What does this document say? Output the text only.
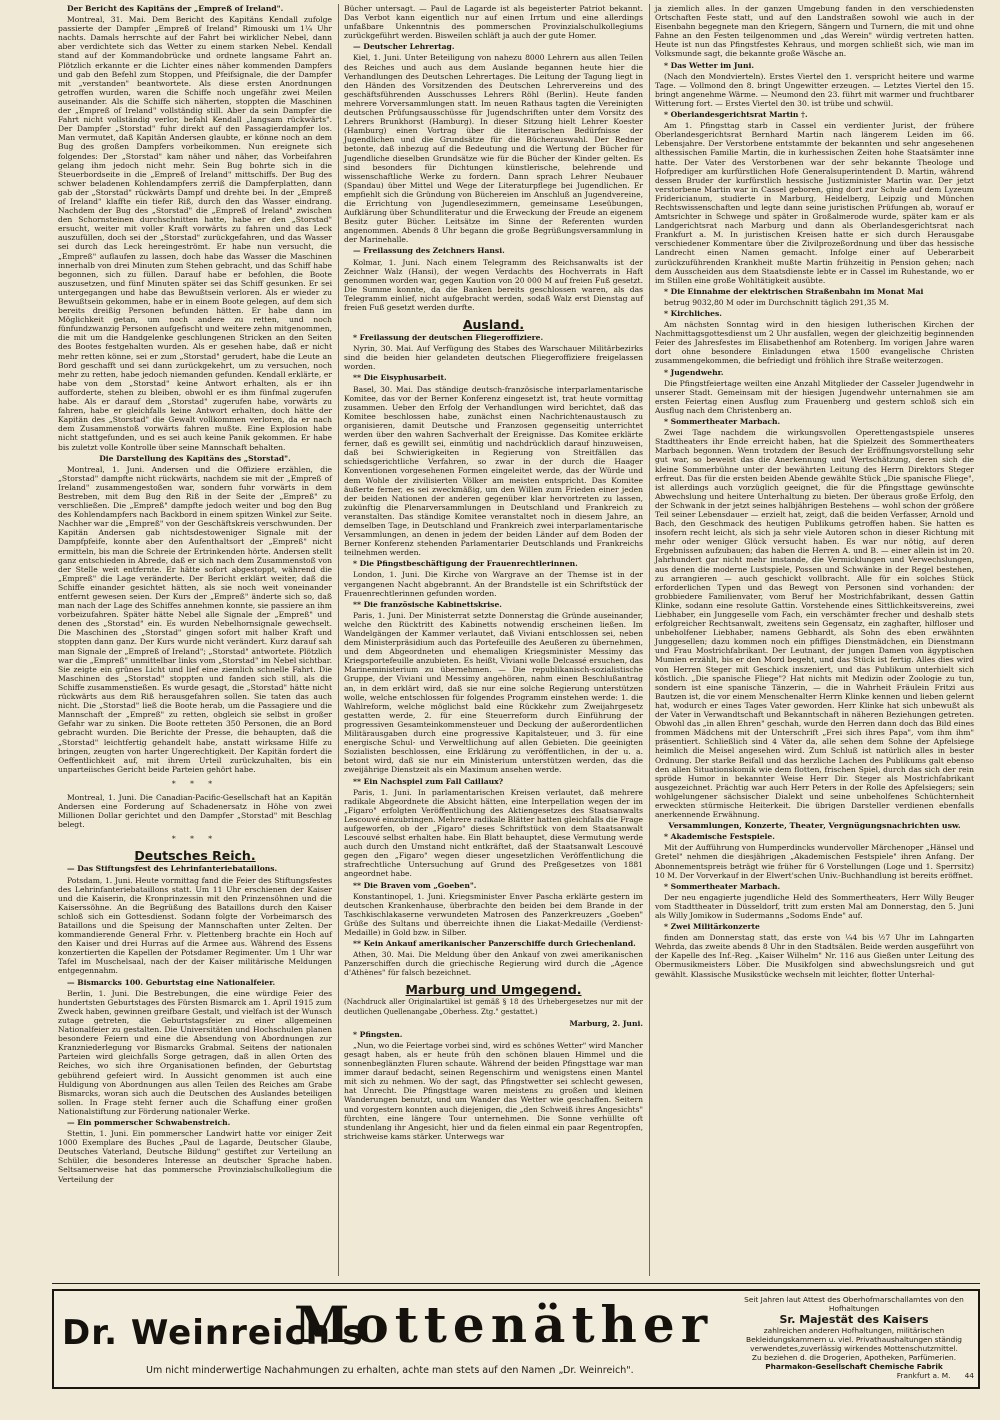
Der Bericht des Kapitäns der „Empreß of Ireland".

Montreal, 31. Mai. Dem Bericht des Kapitäns Kendall zufolge passierte der Dampfer „Empreß of Ireland" Rimouski um 1¼ Uhr nachts. Damals herrschte auf der Fahrt bei wirklicher Nebel, dann aber verdichtete sich das Wetter zu einem starken Nebel. Kendall stand auf der Kommandobrücke und ordnete langsame Fahrt an. Plötzlich erkannte er die Lichter eines näher kommenden Dampfers und gab den Befehl zum Stoppen, und Pfeifsignale, die der Dampfer mit „verstanden" beantwortete. Als diese ersten Anordnungen getroffen wurden, waren die Schiffe noch ungefähr zwei Meilen auseinander. Als die Schiffe sich näherten, stoppten die Maschinen der „Empreß of Ireland" vollständig still. Aber da sein Dampfer die Fahrt nicht vollständig verlor, befahl Kendall „langsam rückwärts". Der Dampfer „Storstad" fuhr direkt auf den Passagierdampfer los. Man vermutet, daß Kapitän Andersen glaubte, er könne noch an dem Bug des großen Dampfers vorbeikommen. Nun ereignete sich folgendes: Der „Storstad" kam näher und näher, das Vorbeifahren gelang ihm jedoch nicht mehr. Sein Bug bohrte sich in die Steuerbordseite in die „Empreß of Ireland" mittschiffs. Der Bug des schwer beladenen Kohlendampfers zerriß die Dampferplatten, dann gab der „Storstad" rückwärts Dampf und drehte bei. In der „Empreß of Ireland" klaffte ein tiefer Riß, durch den das Wasser eindrang. Nachdem der Bug des „Storstad" die „Empreß of Ireland" zwischen den Schornsteinen durchschnitten hatte, habe er den „Storstad" ersucht, weiter mit voller Kraft vorwärts zu fahren und das Leck auszufüllen, doch sei der „Storstad" zurückgefahren, und das Wasser sei durch das Leck hereingeströmt. Er habe nun versucht, die „Empreß" auflaufen zu lassen, doch habe das Wasser die Maschinen innerhalb von drei Minuten zum Stehen gebracht, und das Schiff habe begonnen, sich zu füllen. Darauf habe er befohlen, die Boote auszusetzen, und fünf Minuten später sei das Schiff gesunken. Er sei untergegangen und habe das Bewußtsein verloren. Als er wieder zu Bewußtsein gekommen, habe er in einem Boote gelegen, auf dem sich bereits dreißig Personen befunden hätten. Er habe dann im Möglichkeit getan, um noch andere zu retten, und noch fünfundzwanzig Personen aufgefischt und weitere zehn mitgenommen, die mit um die Handgelenke geschlungenen Stricken an den Seiten des Bootes festgehalten wurden. Als er gesehen habe, daß er nicht mehr retten könne, sei er zum „Storstad" gerudert, habe die Leute an Bord geschafft und sei dann zurückgekehrt, um zu versuchen, noch mehr zu retten, habe jedoch niemanden gefunden. Kendall erklärte, er habe von dem „Storstad" keine Antwort erhalten, als er ihn aufforderte, stehen zu bleiben, obwohl er es ihm fünfmal zugerufen habe. Als er darauf dem „Storstad" zugerufen habe, vorwärts zu fahren, habe er gleichfalls keine Antwort erhalten, doch hätte der Kapitän des „Storstad" die Gewalt vollkommen verloren, da er nach dem Zusammenstoß vorwärts fahren mußte. Eine Explosion habe nicht stattgefunden, und es sei auch keine Panik gekommen. Er habe bis zuletzt volle Kontrolle über seine Mannschaft behalten.

Die Darstellung des Kapitäns des „Storstad".

Montreal, 1. Juni. Andersen und die Offiziere erzählen, die „Storstad" dampfte nicht rückwärts, nachdem sie mit der „Empreß of Ireland" zusammengestoßen war, sondern fuhr vorwärts in dem Bestreben, mit dem Bug den Riß in der Seite der „Empreß" zu verschließen. Die „Empreß" dampfte jedoch weiter und bog den Bug des Kohlendampfers nach Backbord in einem spitzen Winkel zur Seite. Nachher war die „Empreß" von der Geschäftskreis verschwunden. Der Kapitän Andersen gab nichtsdestoweniger Signale mit der Dampfpfeife, konnte aber den Aufenthaltsort der „Empreß" nicht ermitteln, bis man die Schreie der Ertrinkenden hörte. Andersen stellt ganz entschieden in Abrede, daß er sich nach dem Zusammenstoß von der Stelle weit entfernte. Er hätte sofort abgestoppt, während die „Empreß" die Lage veränderte. Der Bericht erklärt weiter, daß die Schiffe einander gesichtet hätten, als sie noch weit voneinander entfernt gewesen seien. Der Kurs der „Empreß" änderte sich so, daß man nach der Lage des Schiffes annehmen konnte, sie passiere an ihm vorbeizufahren. Später hätte Nebel alle Signale der „Empreß" und denen des „Storstad" ein. Es wurden Nebelhornsignale gewechselt. Die Maschinen des „Storstad" gingen sofort mit halber Kraft und stoppten dann ganz. Der Kurs wurde nicht verändert. Kurz darauf sah man Signale der „Empreß of Ireland"; „Storstad" antwortete. Plötzlich war die „Empreß" unmittelbar links vom „Storstad" im Nebel sichtbar. Sie zeigte ein grünes Licht und lief eine ziemlich schnelle Fahrt. Die Maschinen des „Storstad" stoppten und fanden sich still, als die Schiffe zusammenstießen. Es wurde gesagt, die „Storstad" hätte nicht rückwärts aus dem Riß herausgefahren sollen. Sie taten das auch nicht. Die „Storstad" ließ die Boote herab, um die Passagiere und die Mannschaft der „Empreß" zu retten, obgleich sie selbst in großer Gefahr war zu sinken. Die Boote retteten 350 Personen, die an Bord gebracht wurden. Die Berichte der Presse, die behaupten, daß die „Storstad" leichtfertig gehandelt habe, anstatt wirksame Hilfe zu bringen, zeugten von harter Ungerechtigkeit. Der Kapitän fordert die Oeffentlichkeit auf, mit ihrem Urteil zurückzuhalten, bis ein unparteiisches Gericht beide Parteien gehört habe.

* * *

Montreal, 1. Juni. Die Canadian-Pacific-Gesellschaft hat an Kapitän Andersen eine Forderung auf Schadenersatz in Höhe von zwei Millionen Dollar gerichtet und den Dampfer „Storstad" mit Beschlag belegt.

* * *

Deutsches Reich.

— Das Stiftungsfest des Lehrinfanteriebataillons.

Potsdam, 1. Juni. Heute vormittag fand die Feier des Stiftungsfestes des Lehrinfanteriebataillons statt. Um 11 Uhr erschienen der Kaiser und die Kaiserin, die Kronprinzessin mit den Prinzensöhnen und die Kaiserssöhne. An die Begrüßung des Bataillons durch den Kaiser schloß sich ein Gottesdienst. Sodann folgte der Vorbeimarsch des Bataillons und die Speisung der Mannschaften unter Zelten. Der kommandierende General Frhr. v. Plettenberg brachte ein Hoch auf den Kaiser und drei Hurras auf die Armee aus. Während des Essens konzertierten die Kapellen der Potsdamer Regimenter. Um 1 Uhr war Tafel im Muschelsaal, nach der der Kaiser militärische Meldungen entgegennahm.

— Bismarcks 100. Geburtstag eine Nationalfeier.

Berlin, 1. Juni. Die Bestrebungen, die eine würdige Feier des hundertsten Geburtstages des Fürsten Bismarck am 1. April 1915 zum Zweck haben, gewinnen greifbare Gestalt, und vielfach ist der Wunsch zutage getreten, die Geburtstagsfeier zu einer allgemeinen Nationalfeier zu gestalten. Die Universitäten und Hochschulen planen besondere Feiern und eine die Absendung von Abordnungen zur Kranzniederlegung vor Bismarcks Grabmal. Seitens der nationalen Parteien wird gleichfalls Sorge getragen, daß in allen Orten des Reiches, wo sich ihre Organisationen befinden, der Geburtstag gebührend gefeiert wird. In Aussicht genommen ist auch eine Huldigung von Abordnungen aus allen Teilen des Reiches am Grabe Bismarcks, woran sich auch die Deutschen des Auslandes beteiligen sollen. In Frage steht ferner auch die Schaffung einer großen Nationalstiftung zur Förderung nationaler Werke.

— Ein pommerscher Schwabenstreich.

Stettin, 1. Juni. Ein pommerscher Landwirt hatte vor einiger Zeit 1000 Exemplare des Buches „Paul de Lagarde, Deutscher Glaube, Deutsches Vaterland, Deutsche Bildung" gestiftet zur Verteilung an Schüler, die besonderes Interesse an deutscher Sprache haben. Seltsamerweise hat das pommersche Provinzialschulkollegium die Verteilung der

Bücher untersagt. — Paul de Lagarde ist als begeisterter Patriot bekannt. Das Verbot kann eigentlich nur auf einen Irrtum und eine allerdings unfaßbare Unkenntnis des pommerschen Provinzialschulkollegiums zurückgeführt werden. Bisweilen schläft ja auch der gute Homer.

— Deutscher Lehrertag.

Kiel, 1. Juni. Unter Beteiligung von nahezu 8000 Lehrern aus allen Teilen des Reiches und auch aus dem Auslande begannen heute hier die Verhandlungen des Deutschen Lehrertages. Die Leitung der Tagung liegt in den Händen des Vorsitzenden des Deutschen Lehrervereins und des geschäftsführenden Ausschusses Lehrers Röhl (Berlin). Heute fanden mehrere Vorversammlungen statt. Im neuen Rathaus tagten die Vereinigten deutschen Prüfungsausschüsse für Jugendschriften unter dem Vorsitz des Lehrers Brunkhorst (Hamburg). In dieser Sitzung hielt Lehrer Koester (Hamburg) einen Vortrag über die literarischen Bedürfnisse der Jugendlichen und die Grundsätze für die Bücherauswahl. Der Redner betonte, daß inbezug auf die Bedeutung und die Wertung der Bücher für Jugendliche dieselben Grundsätze wie für die Bücher der Kinder gelten. Es sind besonders für Dichtungen künstlerische, belehrende und wissenschaftliche Werke zu fordern. Dann sprach Lehrer Neubauer (Spandau) über Mittel und Wege der Literaturpflege bei Jugendlichen. Er empfiehlt sich die Gründung von Büchereien im Anschluß an Jugendvereine, die Errichtung von Jugendlesezimmern, gemeinsame Leseübungen, Aufklärung über Schundliteratur und die Erweckung der Freude an eigenem Besitz guter Bücher. Leitsätze im Sinne der Referenten wurden angenommen. Abends 8 Uhr begann die große Begrüßungsversammlung in der Marinehalle.

— Freilassung des Zeichners Hansi.

Kolmar, 1. Juni. Nach einem Telegramm des Reichsanwalts ist der Zeichner Walz (Hansi), der wegen Verdachts des Hochverrats in Haft genommen worden war, gegen Kaution von 20 000 M auf freien Fuß gesetzt. Die Summe konnte, da die Banken bereits geschlossen waren, als das Telegramm einlief, nicht aufgebracht werden, sodaß Walz erst Dienstag auf freien Fuß gesetzt werden durfte.

Ausland.

* Freilassung der deutschen Fliegeroffiziere.

Nyrin, 30. Mai. Auf Verfügung des Stabes des Warschauer Militärbezirks sind die beiden hier gelandeten deutschen Fliegeroffiziere freigelassen worden.

** Die Eisyphusarbeit.

Basel, 30. Mai. Das ständige deutsch-französische interparlamentarische Komitee, das vor der Berner Konferenz eingesetzt ist, trat heute vormittag zusammen. Ueber den Erfolg der Verhandlungen wird berichtet, daß das Komitee beschlossen habe, zunächst einen Nachrichtenaustausch zu organisieren, damit Deutsche und Franzosen gegenseitig unterrichtet werden über den wahren Sachverhalt der Ereignisse. Das Komitee erklärte ferner, daß es gewillt sei, einmütig und nachdrücklich darauf hinzuweisen, daß bei Schwierigkeiten in Regierung von Streitfällen das schiedsgerichtliche Verfahren, so zwar in der durch die Haager Konventionen vorgesehenen Formen eingeleitet werde, das der Würde und dem Wohle der zivilisierten Völker am meisten entspricht. Das Komitee äußerte ferner, es sei zweckmäßig, um den Willen zum Frieden einer jeden der beiden Nationen der anderen gegenüber klar hervortreten zu lassen, zukünftig die Plenarversammlungen in Deutschland und Frankreich zu veranstalten. Das ständige Komitee veranstaltet noch in diesem Jahre, an demselben Tage, in Deutschland und Frankreich zwei interparlamentarische Versammlungen, an denen in jedem der beiden Länder auf dem Boden der Berner Konferenz stehenden Parlamentarier Deutschlands und Frankreichs teilnehmen werden.

* Die Pfingstbeschäftigung der Frauenrechtlerinnen.

London, 1. Juni. Die Kirche von Wargrave an der Themse ist in der vergangenen Nacht abgebrannt. An der Brandstelle ist ein Schriftstück der Frauenrechtlerinnen gefunden worden.

** Die französische Kabinettskrise.

Paris, 1. Juni. Der Ministerrat setzte Donnerstag die Gründe auseinander, welche den Rücktritt des Kabinetts notwendig erscheinen ließen. Im Wandelgängen der Kammer verlautet, daß Viviani entschlossen sei, neben dem Ministerpräsidium auch das Portefeuille des Aeußeren zu übernehmen, und dem Abgeordneten und ehemaligen Kriegsminister Messimy das Kriegsportefeuille anzubieten. Es heißt, Viviani wolle Delcassé ersuchen, das Marineministerium zu übernehmen. — Die republikanisch-sozialistische Gruppe, der Viviani und Messimy angehören, nahm einen Beschlußantrag an, in dem erklärt wird, daß sie nur eine solche Regierung unterstützen wolle, welche entschlossen für folgendes Programm einstehen werde: 1. die Wahlreform, welche möglichst bald eine Rückkehr zum Zweijahrgesetz gestatten werde, 2. für eine Steuerreform durch Einführung der progressiven Gesamteinkommensteuer und Deckung der außerordentlichen Militärausgaben durch eine progressive Kapitalsteuer, und 3. für eine energische Schul- und Verweltlichung auf allen Gebieten. Die geeinigten Sozialisten beschlossen, eine Erklärung zu veröffentlichen, in der u. a. betont wird, daß sie nur ein Ministerium unterstützen werden, das die zweijährige Dienstzeit als ein Maximum ansehen werde.

** Ein Nachspiel zum Fall Caillaux?

Paris, 1. Juni. In parlamentarischen Kreisen verlautet, daß mehrere radikale Abgeordnete die Absicht hätten, eine Interpellation wegen der im „Figaro" erfolgten Veröffentlichung des Aktiengesetzes des Staatsanwalts Lescouvé einzubringen. Mehrere radikale Blätter hatten gleichfalls die Frage aufgeworfen, ob der „Figaro" dieses Schriftstück von dem Staatsanwalt Lescouvé selbst erhalten habe. Ein Blatt behauptet, diese Vermutung werde auch durch den Umstand nicht entkräftet, daß der Staatsanwalt Lescouvé gegen den „Figaro" wegen dieser ungesetzlichen Veröffentlichung die strafrechtliche Untersuchung auf Grund des Preßgesetzes von 1881 angeordnet habe.

** Die Braven vom „Goeben".

Konstantinopel, 1. Juni. Kriegsminister Enver Pascha erklärte gestern im deutschen Krankenhause, überbrachte den beiden bei dem Brande in der Taschkischlakaserne verwundeten Matrosen des Panzerkreuzers „Goeben" Grüße des Sultans und überreichte ihnen die Liakat-Medaille (Verdienst-Medaille) in Gold bzw. in Silber.

** Kein Ankauf amerikanischer Panzerschiffe durch Griechenland.

Athen, 30. Mai. Die Meldung über den Ankauf von zwei amerikanischen Panzerschiffen durch die griechische Regierung wird durch die „Agence d'Athènes" für falsch bezeichnet.

Marburg und Umgegend.

(Nachdruck aller Originalartikel ist gemäß § 18 des Urhebergesetzes nur mit der deutlichen Quellenangabe „Oberhess. Ztg." gestattet.)

Marburg, 2. Juni.

* Pfingsten.

„Nun, wo die Feiertage vorbei sind, wird es schönes Wetter" wird Mancher gesagt haben, als er heute früh den schönen blauen Himmel und die sonnenbeglänzten Fluren schaute. Während der beiden Pfingsttage war man immer darauf bedacht, seinen Regenschirm und wenigstens einen Mantel mit sich zu nehmen. Wo der sagt, das Pfingstwetter sei schlecht gewesen, hat Unrecht. Die Pfingsttage waren meistens zu großen und kleinen Wanderungen benutzt, und um Wander das Wetter wie geschaffen. Seitern und vorgestern konnten auch diejenigen, die „den Schweiß ihres Angesichts" fürchten, eine längere Tour unternehmen. Die Sonne verhüllte oft stundenlang ihr Angesicht, hier und da fielen einmal ein paar Regentropfen, strichweise kams stärker. Unterwegs war

ja ziemlich alles. In der ganzen Umgebung fanden in den verschiedensten Ortschaften Feste statt, und auf den Landstraßen sowohl wie auch in der Eisenbahn begegnete man den Kriegern, Sängern und Turnern, die mit und ohne Fahne an den Festen teilgenommen und „das Werein" würdig vertreten hatten. Heute ist nun das Pfingstfestes Kehraus, und morgen schließt sich, wie man im Volksmunde sagt, die bekannte große Wäsche an.

* Das Wetter im Juni.

(Nach den Mondvierteln). Erstes Viertel den 1. verspricht heitere und warme Tage. — Vollmond den 8. bringt Ungewitter erzeugen. — Letztes Viertel den 15. bringt angenehme Wärme. — Neumond den 23. führt mit warmer und fruchtbarer Witterung fort. — Erstes Viertel den 30. ist trübe und schwül.

* Oberlandesgerichtsrat Martin †.

Am 1. Pfingsttag starb in Cassel ein verdienter Jurist, der frühere Oberlandesgerichtsrat Bernhard Martin nach längerem Leiden im 66. Lebensjahre. Der Verstorbene entstammte der bekannten und sehr angesehenen althessischen Familie Martin, die in kurhessischen Zeiten hohe Staatsämter inne hatte. Der Vater des Verstorbenen war der sehr bekannte Theologe und Hofprediger am kurfürstlichen Hofe Generalsuperintendent D. Martin, während dessen Bruder der kurfürstlich hessische Justizminister Martin war. Der jetzt verstorbene Martin war in Cassel geboren, ging dort zur Schule auf dem Lyzeum Fridericianum, studierte in Marburg, Heidelberg, Leipzig und München Rechtswissenschaften und legte dann seine juristischen Prüfungen ab, worauf er Amtsrichter in Schwege und später in Großalmerode wurde, später kam er als Landgerichtsrat nach Marburg und dann als Oberlandesgerichtsrat nach Frankfurt a. M. In juristischen Kreisen hatte er sich durch Herausgabe verschiedener Kommentare über die Zivilprozeßordnung und über das hessische Landrecht einen Namen gemacht. Infolge einer auf Ueberarbeit zurückzuführenden Krankheit mußte Martin frühzeitig in Pension gehen; nach dem Ausscheiden aus dem Staatsdienste lebte er in Cassel im Ruhestande, wo er im Stillen eine große Wohltätigkeit ausübte.

* Die Einnahme der elektrischen Straßenbahn im Monat Mai

betrug 9032,80 M oder im Durchschnitt täglich 291,35 M.

* Kirchliches.

Am nächsten Sonntag wird in den hiesigen lutherischen Kirchen der Nachmittagsgottesdienst um 2 Uhr ausfallen, wegen der gleichzeitig beginnenden Feier des Jahresfestes im Elisabethenhof am Rotenberg. Im vorigen Jahre waren dort ohne besondere Einladungen etwa 1500 evangelische Christen zusammengekommen, die befriedigt und fröhlich ihre Straße weiterzogen.

* Jugendwehr.

Die Pfingstfeiertage weilten eine Anzahl Mitglieder der Casseler Jugendwehr in unserer Stadt. Gemeinsam mit der hiesigen Jugendwehr unternahmen sie am ersten Feiertag einen Ausflug zum Frauenberg und gestern schloß sich ein Ausflug nach dem Christenberg an.

* Sommertheater Marbach.

Zwei Tage nachdem die wirkungsvollen Operettengastspiele unseres Stadttheaters ihr Ende erreicht haben, hat die Spielzeit des Sommertheaters Marbach begonnen. Wenn trotzdem der Besuch der Eröffnungsvorstellung sehr gut war, so beweist das die Anerkennung und Wertschätzung, deren sich die kleine Sommerbühne unter der bewährten Leitung des Herrn Direktors Steger erfreut. Das für die ersten beiden Abende gewählte Stück „Die spanische Fliege", ist allerdings auch vorzüglich geeignet, die für die Pfingsttage gewünschte Abwechslung und heitere Unterhaltung zu bieten. Der überaus große Erfolg, den der Schwank in der jetzt seines halbjährigen Bestehens — wohl schon der größere Teil seiner Lebensdauer — erzielt hat, zeigt, daß die beiden Verfasser, Arnold und Bach, den Geschmack des heutigen Publikums getroffen haben. Sie hatten es insofern recht leicht, als sich ja sehr viele Autoren schon in dieser Richtung mit mehr oder weniger Glück versucht haben. Es war nur nötig, auf deren Ergebnissen aufzubauen; das haben die Herren A. und B. — einer allein ist im 20. Jahrhundert gar nicht mehr imstande, die Vermicklungen und Verwechslungen, aus denen die moderne Lustspiele, Possen und Schwänke in der Regel bestehen, zu arrangieren — auch geschickt vollbracht. Alle für ein solches Stück erforderlichen Typen und das Bewegt von Personen sind vorhanden: der grobbiedere Familienvater, vom Beruf her Mostrichfabrikant, dessen Gattin Klinke, sodann eine resolute Gattin. Vorstehende eines Sittlichkeitsvereins, zwei Liebhaber, ein Junggeselle vom Fach, ein verschämter frecher und deshalb stets erfolgreicher Rechtsanwalt, zweitens sein Gegensatz, ein zaghafter, hilfloser und unbeholfener Liebhaber, namens Gebhardt, als Sohn des eben erwähnten Junggesellen; dazu kommen noch ein pfiffiges Dienstmädchen, ein Dienstmann und Frau Mostrichfabrikant. Der Leutnant, der jungen Damen von ägyptischen Mumien erzählt, bis er den Mord begeht, und das Stück ist fertig. Alles dies wird von Herren Steger mit Geschick inszeniert, und das Publikum unterhielt sich köstlich. „Die spanische Fliege"? Hat nichts mit Medizin oder Zoologie zu tun, sondern ist eine spanische Tänzerin, — die in Wahrheit Fräulein Fritzi aus Bautzen ist, die vor einem Menschenalter Herrn Klinke kennen und lieben gelernt hat, wodurch er eines Tages Vater geworden. Herr Klinke hat sich unbewußt als der Vater in Verwandtschaft und Bekanntschaft in näheren Beziehungen getreten. Obwohl das „in allen Ehren" geschah, wurde den Herren dann doch das Bild eines frommen Mädchens mit der Unterschrift „Frei sich ihres Papa", vom ihm ihm" präsentiert. Schließlich sind 4 Väter da, alle sehen dem Sohne der Apfelsiege heimlich die Meisel angesehen wird. Zum Schluß ist natürlich alles in bester Ordnung. Der starke Beifall und das herzliche Lachen des Publikums galt ebenso den allen Situationskomik wie dem flotten, frischen Spiel, durch das sich der rein spröde Humor in bekannter Weise Herr Dir. Steger als Mostrichfabrikant ausgezeichnet. Prächtig war auch Herr Peters in der Rolle des Apfelsiegers; sein wohlgelungener sächsischer Dialekt und seine unbeholfenes Schüchternheit erweckten stürmische Heiterkeit. Die übrigen Darsteller verdienen ebenfalls anerkennende Erwähnung.

Versammlungen, Konzerte, Theater, Vergnügungsnachrichten usw.

* Akademische Festspiele.

Mit der Aufführung von Humperdincks wundervoller Märchenoper „Hänsel und Gretel" nehmen die diesjährigen „Akademischen Festspiele" ihren Anfang. Der Abonnementspreis beträgt wie früher für 6 Vorstellungen (Loge und 1. Sperrsitz) 10 M. Der Vorverkauf in der Elwert'schen Univ.-Buchhandlung ist bereits eröffnet.

* Sommertheater Marbach.

Der neu engagierte jugendliche Held des Sommertheaters, Herr Willy Beuger vom Stadttheater in Düsseldorf, tritt zum ersten Mal am Donnerstag, den 5. Juni als Willy Jomikow in Sudermanns „Sodoms Ende" auf.

* Zwei Militärkonzerte

finden am Donnerstag statt, das erste von ¼4 bis ½7 Uhr im Lahngarten Wehrda, das zweite abends 8 Uhr in den Stadtsälen. Beide werden ausgeführt von der Kapelle des Inf.-Reg. „Kaiser Wilhelm" Nr. 116 aus Gießen unter Leitung des Obermusikmeisters Löber. Die Musikfolgen sind abwechslungsreich und gut gewählt. Klassische Musikstücke wechseln mit leichter, flotter Unterhal-

Dr. Weinreich's
Mottenäther
Um nicht minderwertige Nachahmungen zu erhalten, achte man stets auf den Namen „Dr. Weinreich".
Seit Jahren laut Attest des Oberhofmarschallamtes von den Hofhaltungen
Sr. Majestät des Kaisers
zahlreichen anderen Hofhaltungen, militärischen Bekleidungskammern u. viel. Privathaushaltungen ständig verwendetes,zuverlässig wirkendes Mottenschutzmittel.
Zu beziehen d. die Drogerien, Apotheken, Parfümerien.
Pharmakon-Gesellschaft Chemische Fabrik
Frankfurt a. M. 44
